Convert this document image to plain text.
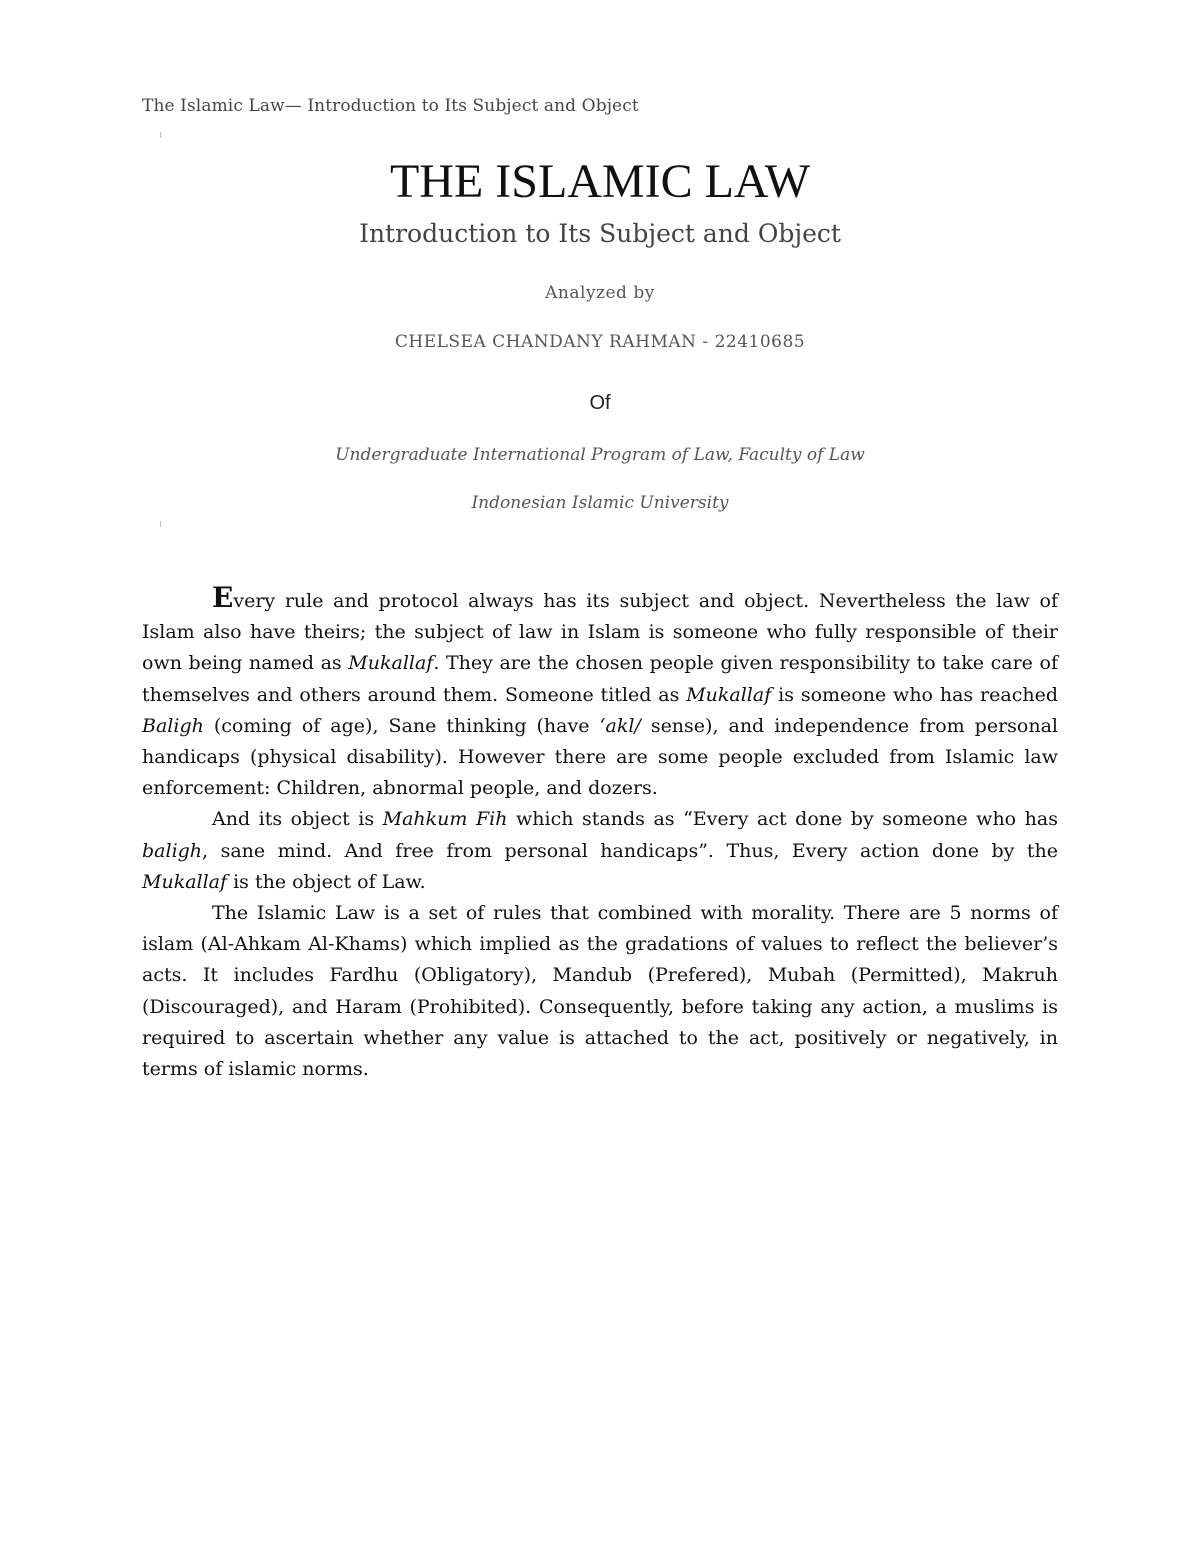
The Islamic Law— Introduction to Its Subject and Object
THE ISLAMIC LAW
Introduction to Its Subject and Object
Analyzed by
CHELSEA CHANDANY RAHMAN - 22410685
Of
Undergraduate International Program of Law, Faculty of Law
Indonesian Islamic University

Every rule and protocol always has its subject and object. Nevertheless the law of Islam also have theirs; the subject of law in Islam is someone who fully responsible of their own being named as Mukallaf. They are the chosen people given responsibility to take care of themselves and others around them. Someone titled as Mukallaf is someone who has reached Baligh (coming of age), Sane thinking (have ‘akl/ sense), and independence from personal handicaps (physical disability). However there are some people excluded from Islamic law enforcement: Children, abnormal people, and dozers.

And its object is Mahkum Fih which stands as “Every act done by someone who has baligh, sane mind. And free from personal handicaps”. Thus, Every action done by the Mukallaf is the object of Law.

The Islamic Law is a set of rules that combined with morality. There are 5 norms of islam (Al-Ahkam Al-Khams) which implied as the gradations of values to reflect the believer’s acts. It includes Fardhu (Obligatory), Mandub (Prefered), Mubah (Permitted), Makruh (Discouraged), and Haram (Prohibited). Consequently, before taking any action, a muslims is required to ascertain whether any value is attached to the act, positively or negatively, in terms of islamic norms.
